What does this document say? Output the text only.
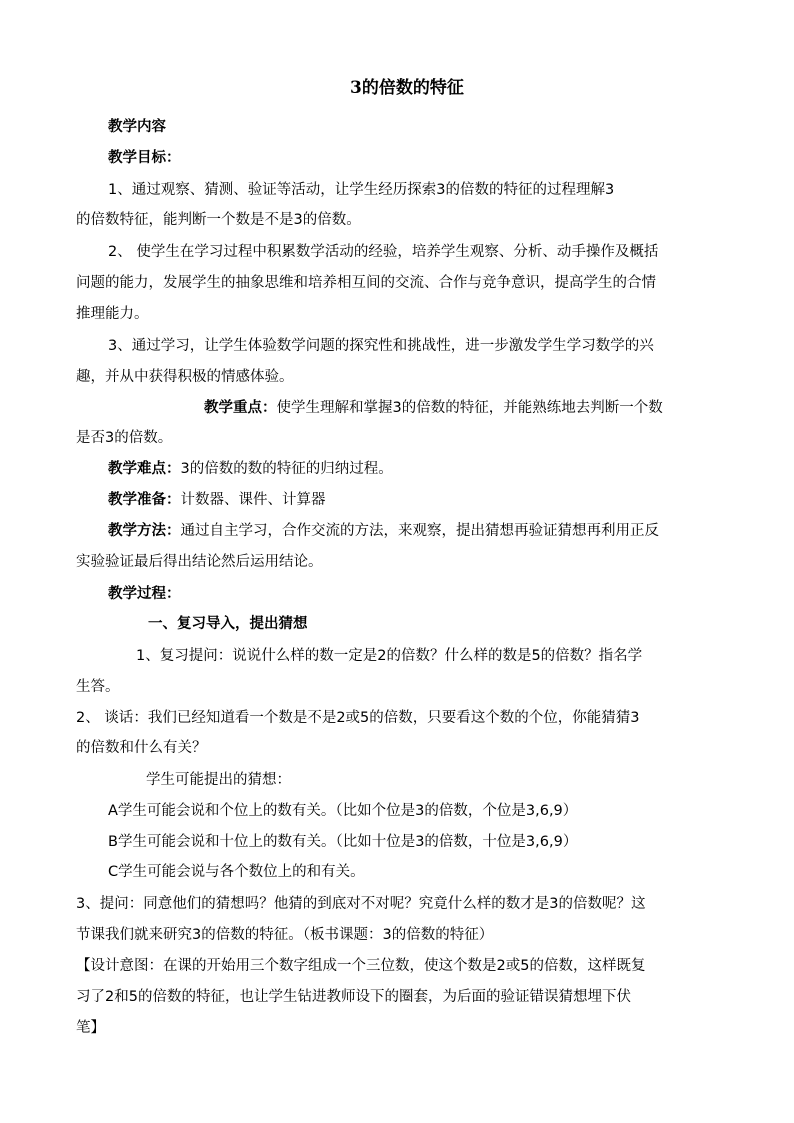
3的倍数的特征
教学内容
教学目标：
1、通过观察、猜测、验证等活动，让学生经历探索3的倍数的特征的过程理解3
的倍数特征，能判断一个数是不是3的倍数。
2、 使学生在学习过程中积累数学活动的经验，培养学生观察、分析、动手操作及概括
问题的能力，发展学生的抽象思维和培养相互间的交流、合作与竞争意识，提高学生的合情
推理能力。
3、通过学习，让学生体验数学问题的探究性和挑战性，进一步激发学生学习数学的兴
趣，并从中获得积极的情感体验。
教学重点：使学生理解和掌握3的倍数的特征，并能熟练地去判断一个数
是否3的倍数。
教学难点：3的倍数的数的特征的归纳过程。
教学准备：计数器、课件、计算器
教学方法：通过自主学习，合作交流的方法，来观察，提出猜想再验证猜想再利用正反
实验验证最后得出结论然后运用结论。
教学过程：
一、复习导入，提出猜想
1、复习提问：说说什么样的数一定是2的倍数？什么样的数是5的倍数？指名学
生答。
2、 谈话：我们已经知道看一个数是不是2或5的倍数，只要看这个数的个位，你能猜猜3
的倍数和什么有关？
学生可能提出的猜想：
A学生可能会说和个位上的数有关。（比如个位是3的倍数，个位是3,6,9）
B学生可能会说和十位上的数有关。（比如十位是3的倍数，十位是3,6,9）
C学生可能会说与各个数位上的和有关。
3、提问：同意他们的猜想吗？他猜的到底对不对呢？究竟什么样的数才是3的倍数呢？这
节课我们就来研究3的倍数的特征。（板书课题：3的倍数的特征）
【设计意图：在课的开始用三个数字组成一个三位数，使这个数是2或5的倍数，这样既复
习了2和5的倍数的特征，也让学生钻进教师设下的圈套，为后面的验证错误猜想埋下伏
笔】
